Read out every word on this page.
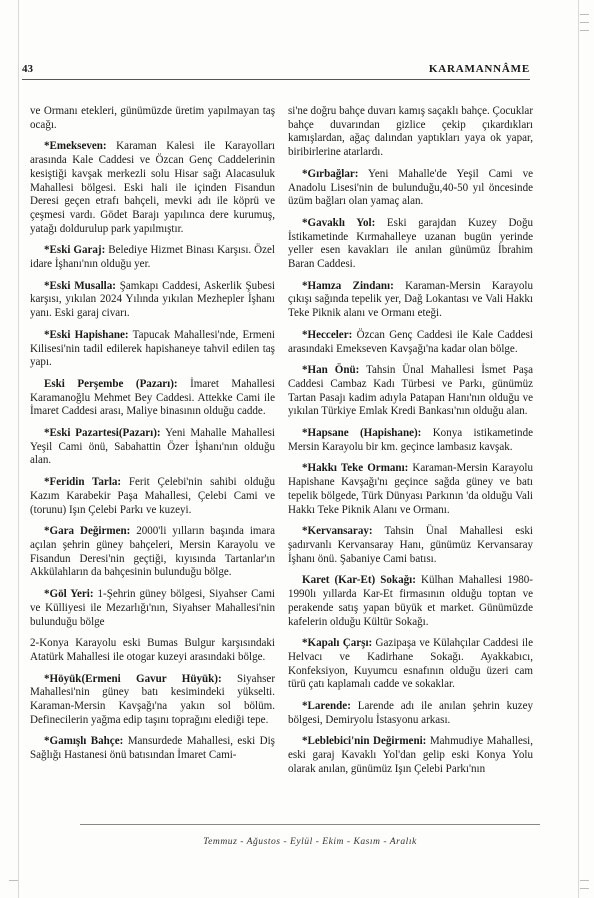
43	KARAMANNÂME

ve Ormanı etekleri, günümüzde üretim yapılmayan taş ocağı.

*Emekseven: Karaman Kalesi ile Karayolları arasında Kale Caddesi ve Özcan Genç Caddelerinin kesiştiği kavşak merkezli solu Hisar sağı Alacasuluk Mahallesi bölgesi. Eski hali ile içinden Fisandun Deresi geçen etrafı bahçeli, mevki adı ile köprü ve çeşmesi vardı. Gödet Barajı yapılınca dere kurumuş, yatağı doldurulup park yapılmıştır.

*Eski Garaj: Belediye Hizmet Binası Karşısı. Özel idare İşhanı'nın olduğu yer.

*Eski Musalla: Şamkapı Caddesi, Askerlik Şubesi karşısı, yıkılan 2024 Yılında yıkılan Mezhepler İşhanı yanı. Eski garaj civarı.

*Eski Hapishane: Tapucak Mahallesi'nde, Ermeni Kilisesi'nin tadil edilerek hapishaneye tahvil edilen taş yapı.

Eski Perşembe (Pazarı): İmaret Mahallesi Karamanoğlu Mehmet Bey Caddesi. Attekke Cami ile İmaret Caddesi arası, Maliye binasının olduğu cadde.

*Eski Pazartesi(Pazarı): Yeni Mahalle Mahallesi Yeşil Cami önü, Sabahattin Özer İşhanı'nın olduğu alan.

*Feridin Tarla: Ferit Çelebi'nin sahibi olduğu Kazım Karabekir Paşa Mahallesi, Çelebi Cami ve (torunu) Işın Çelebi Parkı ve kuzeyi.

*Gara Değirmen: 2000'li yılların başında imara açılan şehrin güney bahçeleri, Mersin Karayolu ve Fisandun Deresi'nin geçtiği, kıyısında Tartanlar'ın Akkülahların da bahçesinin bulunduğu bölge.

*Göl Yeri: 1-Şehrin güney bölgesi, Siyahser Cami ve Külliyesi ile Mezarlığı'nın, Siyahser Mahallesi'nin bulunduğu bölge

2-Konya Karayolu eski Bumas Bulgur karşısındaki Atatürk Mahallesi ile otogar kuzeyi arasındaki bölge.

*Höyük(Ermeni Gavur Hüyük): Siyahser Mahallesi'nin güney batı kesimindeki yükselti. Karaman-Mersin Kavşağı'na yakın sol bölüm. Definecilerin yağma edip taşını toprağını elediği tepe.

*Gamışlı Bahçe: Mansurdede Mahallesi, eski Diş Sağlığı Hastanesi önü batısından İmaret Cami-

si'ne doğru bahçe duvarı kamış saçaklı bahçe. Çocuklar bahçe duvarından gizlice çekip çıkardıkları kamışlardan, ağaç dalından yaptıkları yaya ok yapar, biribirlerine atarlardı.

*Gırbağlar: Yeni Mahalle'de Yeşil Cami ve Anadolu Lisesi'nin de bulunduğu,40-50 yıl öncesinde üzüm bağları olan yamaç alan.

*Gavaklı Yol: Eski garajdan Kuzey Doğu İstikametinde Kırmahalleye uzanan bugün yerinde yeller esen kavakları ile anılan günümüz İbrahim Baran Caddesi.

*Hamza Zindanı: Karaman-Mersin Karayolu çıkışı sağında tepelik yer, Dağ Lokantası ve Vali Hakkı Teke Piknik alanı ve Ormanı eteği.

*Hecceler: Özcan Genç Caddesi ile Kale Caddesi arasındaki Emekseven Kavşağı'na kadar olan bölge.

*Han Önü: Tahsin Ünal Mahallesi İsmet Paşa Caddesi Cambaz Kadı Türbesi ve Parkı, günümüz Tartan Pasajı kadim adıyla Patapan Hanı'nın olduğu ve yıkılan Türkiye Emlak Kredi Bankası'nın olduğu alan.

*Hapsane (Hapishane): Konya istikametinde Mersin Karayolu bir km. geçince lambasız kavşak.

*Hakkı Teke Ormanı: Karaman-Mersin Karayolu Hapishane Kavşağı'nı geçince sağda güney ve batı tepelik bölgede, Türk Dünyası Parkının 'da olduğu Vali Hakkı Teke Piknik Alanı ve Ormanı.

*Kervansaray: Tahsin Ünal Mahallesi eski şadırvanlı Kervansaray Hanı, günümüz Kervansaray İşhanı önü. Şabaniye Cami batısı.

Karet (Kar-Et) Sokağı: Külhan Mahallesi 1980-1990lı yıllarda Kar-Et firmasının olduğu toptan ve perakende satış yapan büyük et market. Günümüzde kafelerin olduğu Kültür Sokağı.

*Kapalı Çarşı: Gazipaşa ve Külahçılar Caddesi ile Helvacı ve Kadirhane Sokağı. Ayakkabıcı, Konfeksiyon, Kuyumcu esnafının olduğu üzeri cam türü çatı kaplamalı cadde ve sokaklar.

*Larende: Larende adı ile anılan şehrin kuzey bölgesi, Demiryolu İstasyonu arkası.

*Leblebici'nin Değirmeni: Mahmudiye Mahallesi, eski garaj Kavaklı Yol'dan gelip eski Konya Yolu olarak anılan, günümüz Işın Çelebi Parkı'nın

Temmuz - Ağustos - Eylül - Ekim - Kasım - Aralık
